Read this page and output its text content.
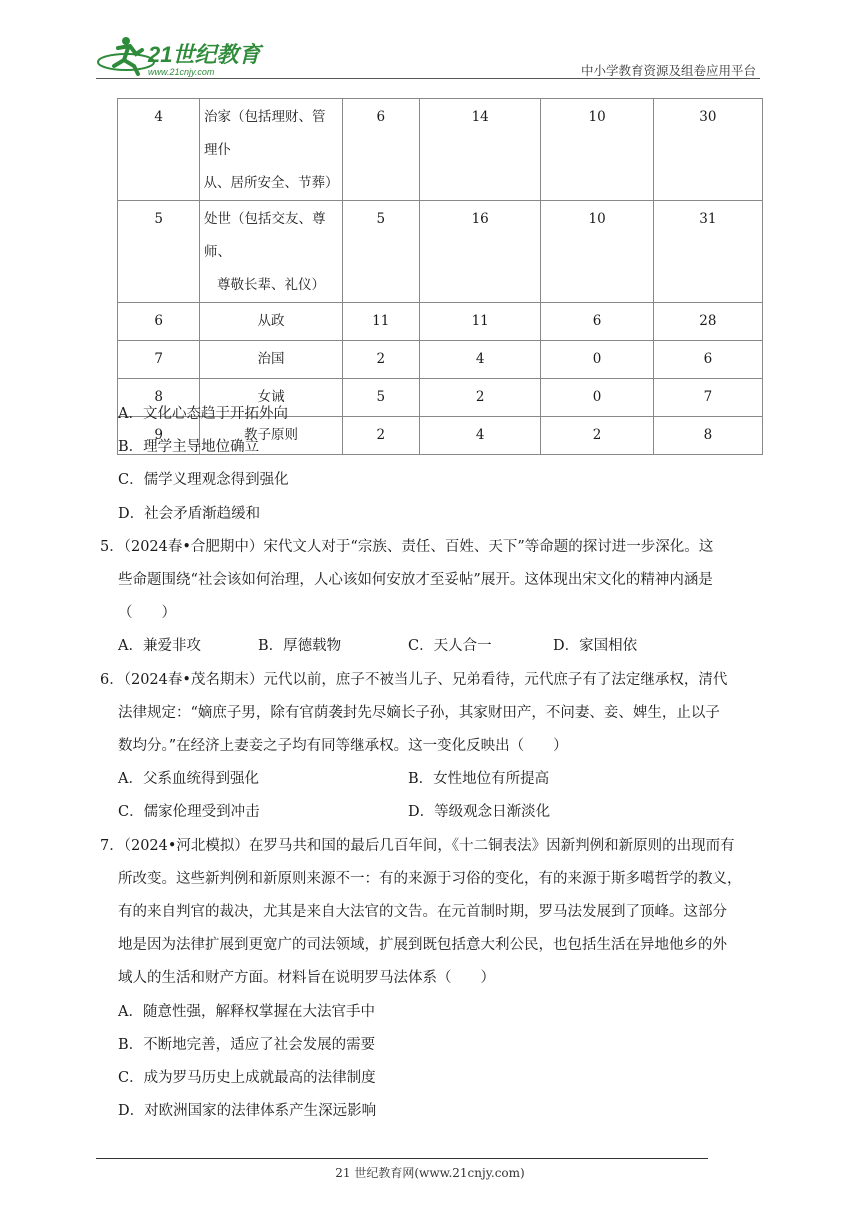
21世纪教育
www.21cnjy.com	中小学教育资源及组卷应用平台
4	治家（包括理财、管理仆
从、居所安全、节葬）	6	14	10	30
5	处世（包括交友、尊师、
尊敬长辈、礼仪）	5	16	10	31
6	从政	11	11	6	28
7	治国	2	4	0	6
8	女诫	5	2	0	7
9	教子原则	2	4	2	8
A．文化心态趋于开拓外向
B．理学主导地位确立
C．儒学义理观念得到强化
D．社会矛盾渐趋缓和
5．（2024春•合肥期中）宋代文人对于“宗族、责任、百姓、天下”等命题的探讨进一步深化。这
些命题围绕“社会该如何治理，人心该如何安放才至妥帖”展开。这体现出宋文化的精神内涵是
（　　）
A．兼爱非攻	B．厚德载物	C．天人合一	D．家国相依
6．（2024春•茂名期末）元代以前，庶子不被当儿子、兄弟看待，元代庶子有了法定继承权，清代
法律规定：“嫡庶子男，除有官荫袭封先尽嫡长子孙，其家财田产，不问妻、妾、婢生，止以子
数均分。”在经济上妻妾之子均有同等继承权。这一变化反映出（　　）
A．父系血统得到强化	B．女性地位有所提高
C．儒家伦理受到冲击	D．等级观念日渐淡化
7．（2024•河北模拟）在罗马共和国的最后几百年间，《十二铜表法》因新判例和新原则的出现而有
所改变。这些新判例和新原则来源不一：有的来源于习俗的变化，有的来源于斯多噶哲学的教义，
有的来自判官的裁决，尤其是来自大法官的文告。在元首制时期，罗马法发展到了顶峰。这部分
地是因为法律扩展到更宽广的司法领域，扩展到既包括意大利公民，也包括生活在异地他乡的外
域人的生活和财产方面。材料旨在说明罗马法体系（　　）
A．随意性强，解释权掌握在大法官手中
B．不断地完善，适应了社会发展的需要
C．成为罗马历史上成就最高的法律制度
D．对欧洲国家的法律体系产生深远影响
21 世纪教育网(www.21cnjy.com)
